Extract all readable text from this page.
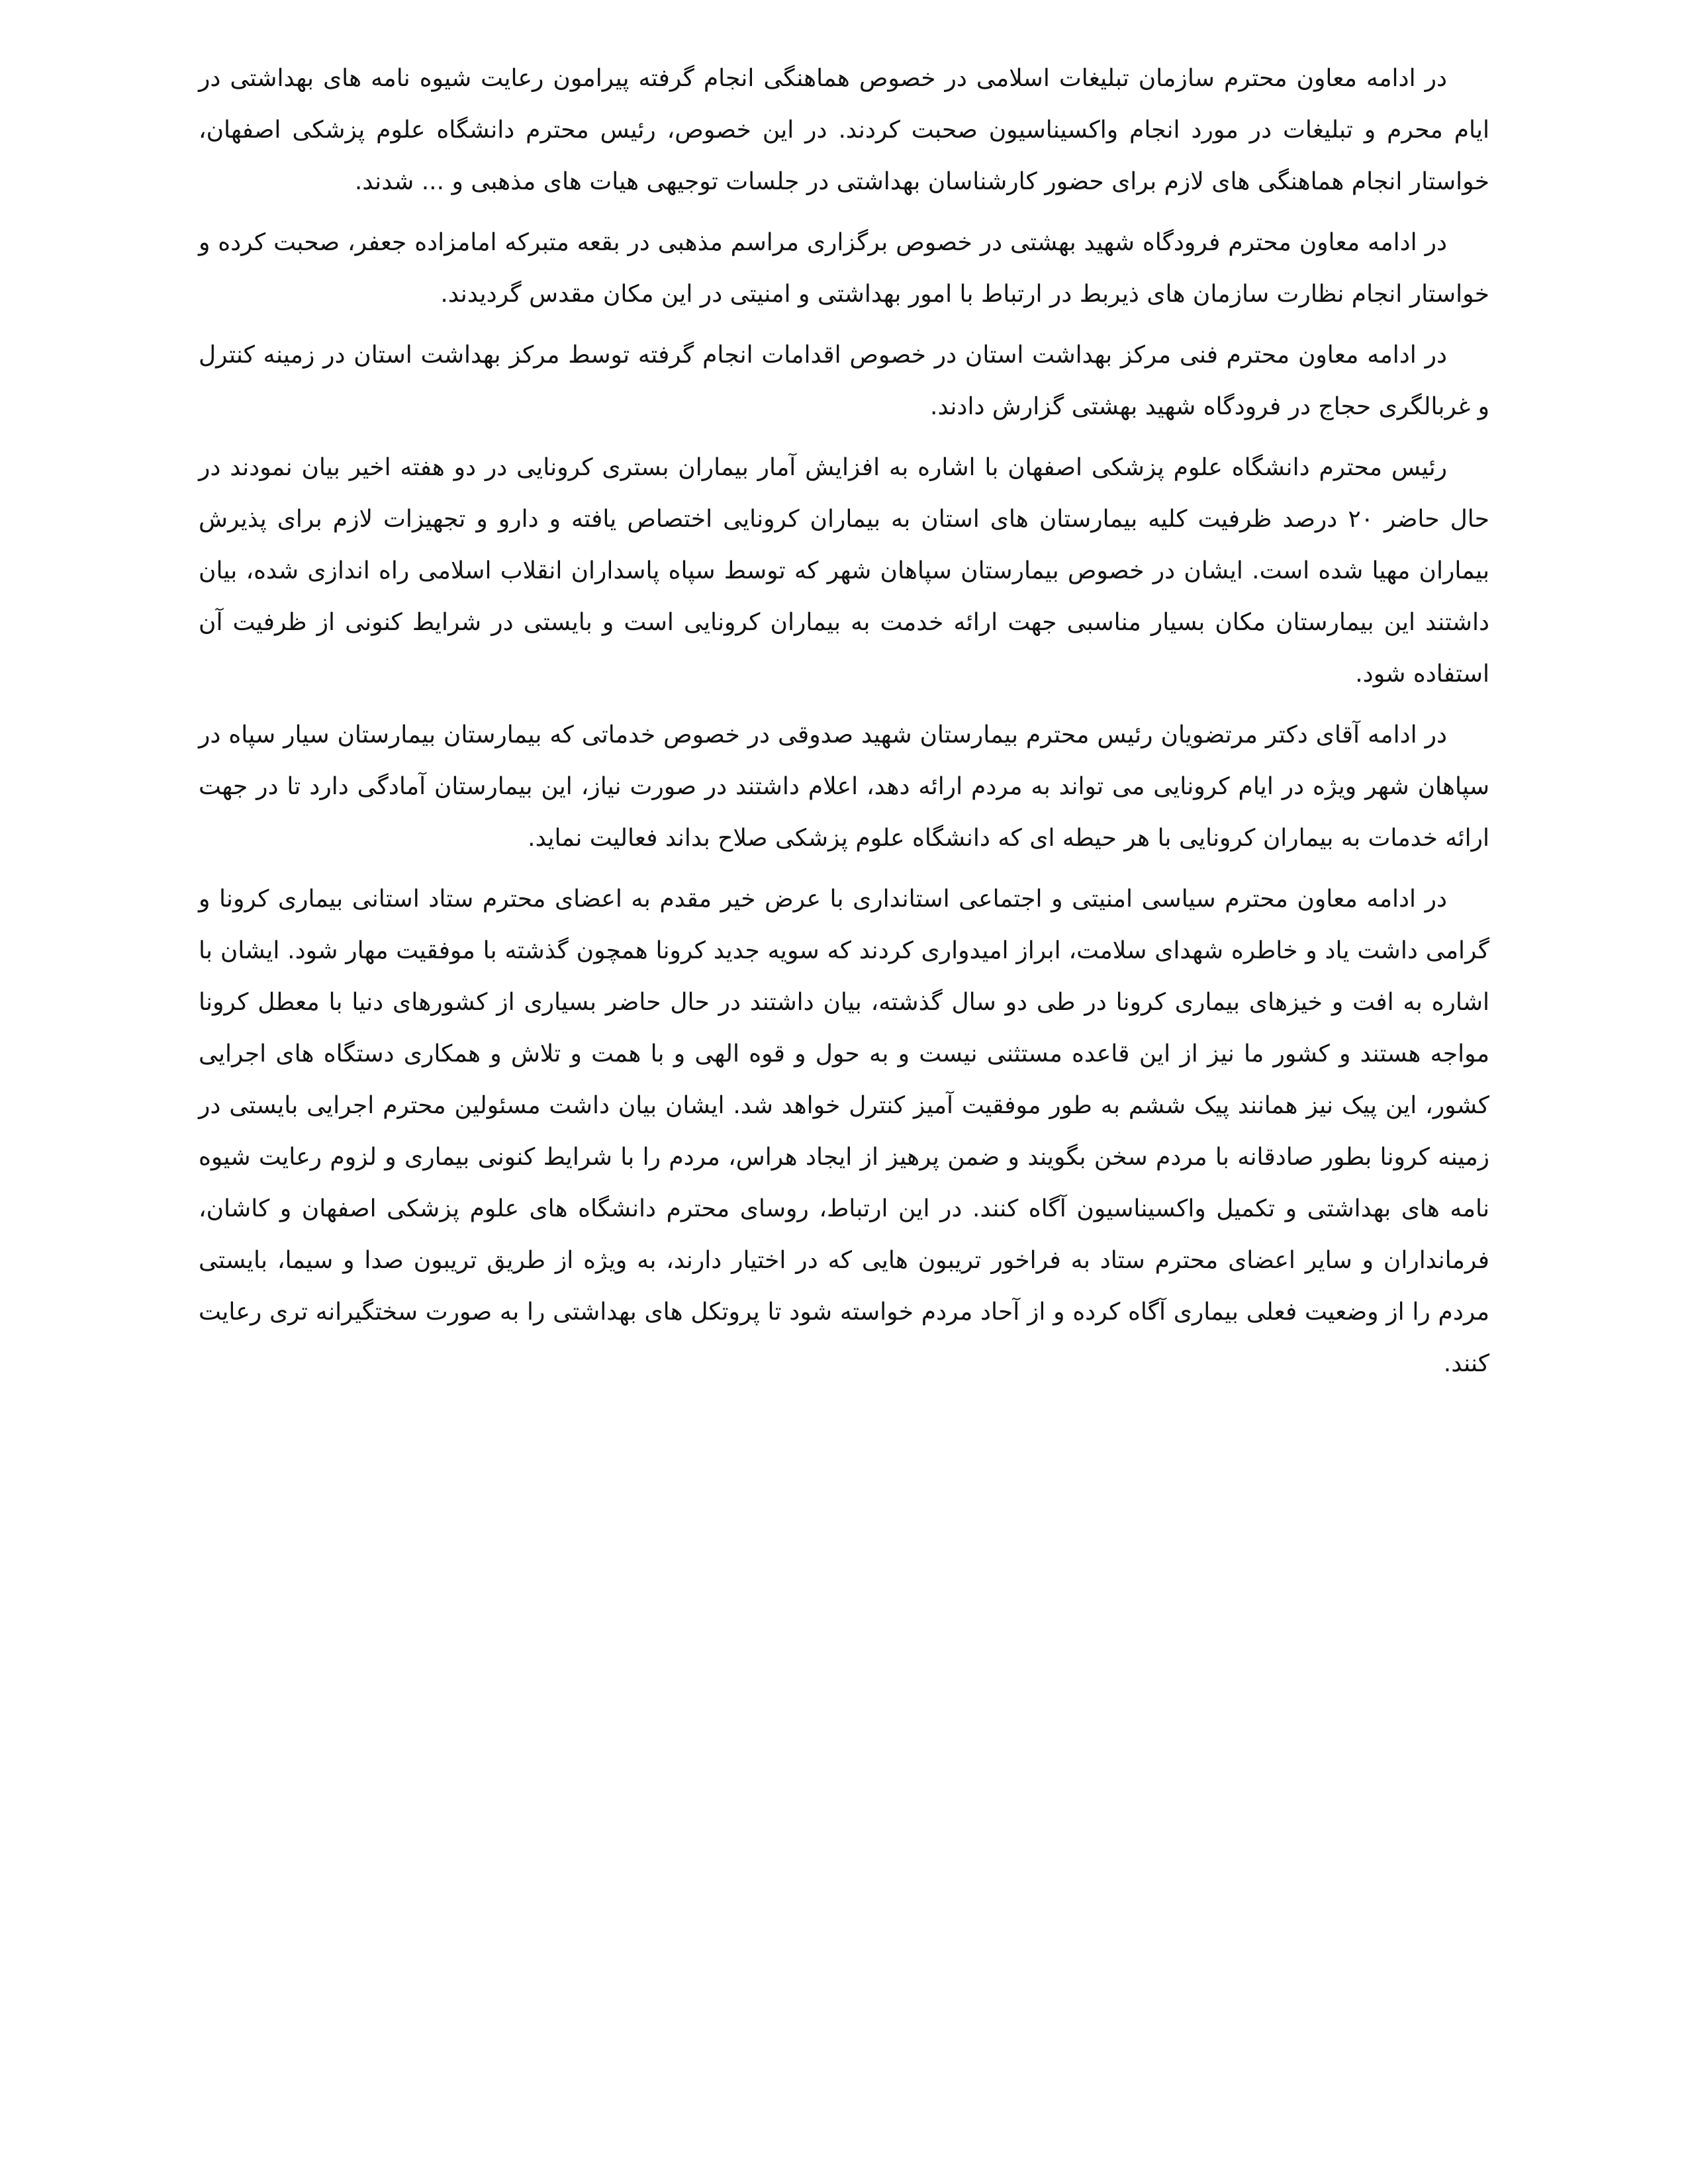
در ادامه معاون محترم سازمان تبلیغات اسلامی در خصوص هماهنگی انجام گرفته پیرامون رعایت شیوه نامه های بهداشتی در ایام محرم و تبلیغات در مورد انجام واکسیناسیون صحبت کردند. در این خصوص، رئیس محترم دانشگاه علوم پزشکی اصفهان، خواستار انجام هماهنگی های لازم برای حضور کارشناسان بهداشتی در جلسات توجیهی هیات های مذهبی و ... شدند.

در ادامه معاون محترم فرودگاه شهید بهشتی در خصوص برگزاری مراسم مذهبی در بقعه متبرکه امامزاده جعفر، صحبت کرده و خواستار انجام نظارت سازمان های ذیربط در ارتباط با امور بهداشتی و امنیتی در این مکان مقدس گردیدند.

در ادامه معاون محترم فنی مرکز بهداشت استان در خصوص اقدامات انجام گرفته توسط مرکز بهداشت استان در زمینه کنترل و غربالگری حجاج در فرودگاه شهید بهشتی گزارش دادند.

رئیس محترم دانشگاه علوم پزشکی اصفهان با اشاره به افزایش آمار بیماران بستری کرونایی در دو هفته اخیر بیان نمودند در حال حاضر ۲۰ درصد ظرفیت کلیه بیمارستان های استان به بیماران کرونایی اختصاص یافته و دارو و تجهیزات لازم برای پذیرش بیماران مهیا شده است. ایشان در خصوص بیمارستان سپاهان شهر که توسط سپاه پاسداران انقلاب اسلامی راه اندازی شده، بیان داشتند این بیمارستان مکان بسیار مناسبی جهت ارائه خدمت به بیماران کرونایی است و بایستی در شرایط کنونی از ظرفیت آن استفاده شود.

در ادامه آقای دکتر مرتضویان رئیس محترم بیمارستان شهید صدوقی در خصوص خدماتی که بیمارستان بیمارستان سیار سپاه در سپاهان شهر ویژه در ایام کرونایی می تواند به مردم ارائه دهد، اعلام داشتند در صورت نیاز، این بیمارستان آمادگی دارد تا در جهت ارائه خدمات به بیماران کرونایی با هر حیطه ای که دانشگاه علوم پزشکی صلاح بداند فعالیت نماید.

در ادامه معاون محترم سیاسی امنیتی و اجتماعی استانداری با عرض خیر مقدم به اعضای محترم ستاد استانی بیماری کرونا و گرامی داشت یاد و خاطره شهدای سلامت، ابراز امیدواری کردند که سویه جدید کرونا همچون گذشته با موفقیت مهار شود. ایشان با اشاره به افت و خیزهای بیماری کرونا در طی دو سال گذشته، بیان داشتند در حال حاضر بسیاری از کشورهای دنیا با معطل کرونا مواجه هستند و کشور ما نیز از این قاعده مستثنی نیست و به حول و قوه الهی و با همت و تلاش و همکاری دستگاه های اجرایی کشور، این پیک نیز همانند پیک ششم به طور موفقیت آمیز کنترل خواهد شد. ایشان بیان داشت مسئولین محترم اجرایی بایستی در زمینه کرونا بطور صادقانه با مردم سخن بگویند و ضمن پرهیز از ایجاد هراس، مردم را با شرایط کنونی بیماری و لزوم رعایت شیوه نامه های بهداشتی و تکمیل واکسیناسیون آگاه کنند. در این ارتباط، روسای محترم دانشگاه های علوم پزشکی اصفهان و کاشان، فرمانداران و سایر اعضای محترم ستاد به فراخور تریبون هایی که در اختیار دارند، به ویژه از طریق تریبون صدا و سیما، بایستی مردم را از وضعیت فعلی بیماری آگاه کرده و از آحاد مردم خواسته شود تا پروتکل های بهداشتی را به صورت سختگیرانه تری رعایت کنند.
